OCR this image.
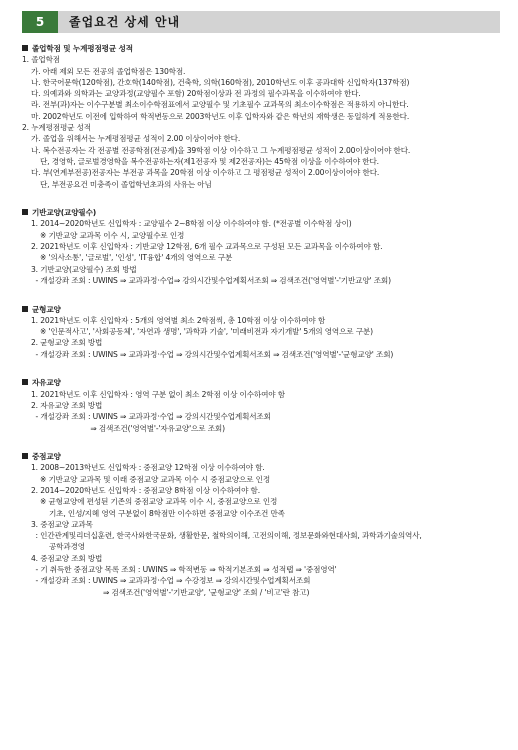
5	졸업요건 상세 안내
졸업학점 및 누계평점평균 성적
1. 졸업학점
가. 아래 제외 모든 전공의 졸업학점은 130학점.
나. 한국어문학(120학점), 간호학(140학점), 건축학, 의학(160학점), 2010학년도 이후 공과대학 신입학자(137학점)
다. 의예과와 의학과는 교양과정(교양필수 포함) 20학점이상과 전 과정의 필수과목을 이수하여야 한다.
라. 전부(과)자는 이수구분별 최소이수학점표에서 교양필수 및 기초필수 교과목의 최소이수학점은 적용하지 아니한다.
마. 2002학년도 이전에 입학하여 학적변동으로 2003학년도 이후 입학자와 같은 학년의 재학생은 동일하게 적용한다.
2. 누계평점평균 성적
가. 졸업을 위해서는 누계평점평균 성적이 2.00 이상이어야 한다.
나. 복수전공자는 각 전공별 전공학점(전공계)을 39학점 이상 이수하고 그 누계평점평균 성적이 2.00이상이어야 한다.
단, 경영학, 글로벌경영학을 복수전공하는자(제1전공자 및 제2전공자)는 45학점 이상을 이수하여야 한다.
다. 부(연계부전공)전공자는 부전공 과목을 20학점 이상 이수하고 그 평점평균 성적이 2.00이상이어야 한다.
단, 부전공요건 미충족이 졸업학년초과의 사유는 아님
기반교양(교양필수)
1. 2014~2020학년도 신입학자 : 교양필수 2~8학점 이상 이수하여야 함. (*전공별 이수학점 상이)
※ 기반교양 교과목 이수 시, 교양필수로 인정
2. 2021학년도 이후 신입학자 : 기반교양 12학점, 6개 필수 교과목으로 구성된 모든 교과목을 이수하여야 함.
※ '의사소통', '글로벌', '인성', 'IT융합' 4개의 영역으로 구분
3. 기반교양(교양필수) 조회 방법
- 개설강좌 조회 : UWINS ⇒ 교과과정·수업⇒ 강의시간및수업계획서조회 ⇒ 검색조건('영역별'-'기반교양' 조회)
균형교양
1. 2021학년도 이후 신입학자 : 5개의 영역별 최소 2학점씩, 총 10학점 이상 이수하여야 함
※ '인문적사고', '사회공동체', '자연과 생명', '과학과 기술', '미래비전과 자기개발' 5개의 영역으로 구분)
2. 균형교양 조회 방법
- 개설강좌 조회 : UWINS ⇒ 교과과정·수업 ⇒ 강의시간및수업계획서조회 ⇒ 검색조건('영역별'-'균형교양' 조회)
자유교양
1. 2021학년도 이후 신입학자 : 영역 구분 없이 최소 2학점 이상 이수하여야 함
2. 자유교양 조회 방법
- 개설강좌 조회 : UWINS ⇒ 교과과정·수업 ⇒ 강의시간및수업계획서조회
⇒ 검색조건('영역별'-'자유교양'으로 조회)
중점교양
1. 2008~2013학년도 신입학자 : 중점교양 12학점 이상 이수하여야 함.
※ 기반교양 교과목 및 이래 중점교양 교과목 이수 시 중점교양으로 인정
2. 2014~2020학년도 신입학자 : 중점교양 8학점 이상 이수하여야 함.
※ 균형교양에 편성된 기존의 중점교양 교과목 이수 시, 중점교양으로 인정
기초, 인성/지혜 영역 구분없이 8학점만 이수하면 중점교양 이수조건 만족
3. 중점교양 교과목
: 인간관계및리더십훈련, 한국사와한국문화, 생활한문, 철학의이해, 고전의이해, 정보문화와현대사회, 과학과기술의역사,
공학과경영
4. 중점교양 조회 방법
- 기 취득한 중점교양 목록 조회 : UWINS ⇒ 학적변동 ⇒ 학적기본조회 ⇒ 성적탭 ⇒ '중점영역'
- 개설강좌 조회 : UWINS ⇒ 교과과정·수업 ⇒ 수강정보 ⇒ 강의시간및수업계획서조회
⇒ 검색조건('영역별'-'기반교양', '균형교양' 조회 / '비고'란 참고)
